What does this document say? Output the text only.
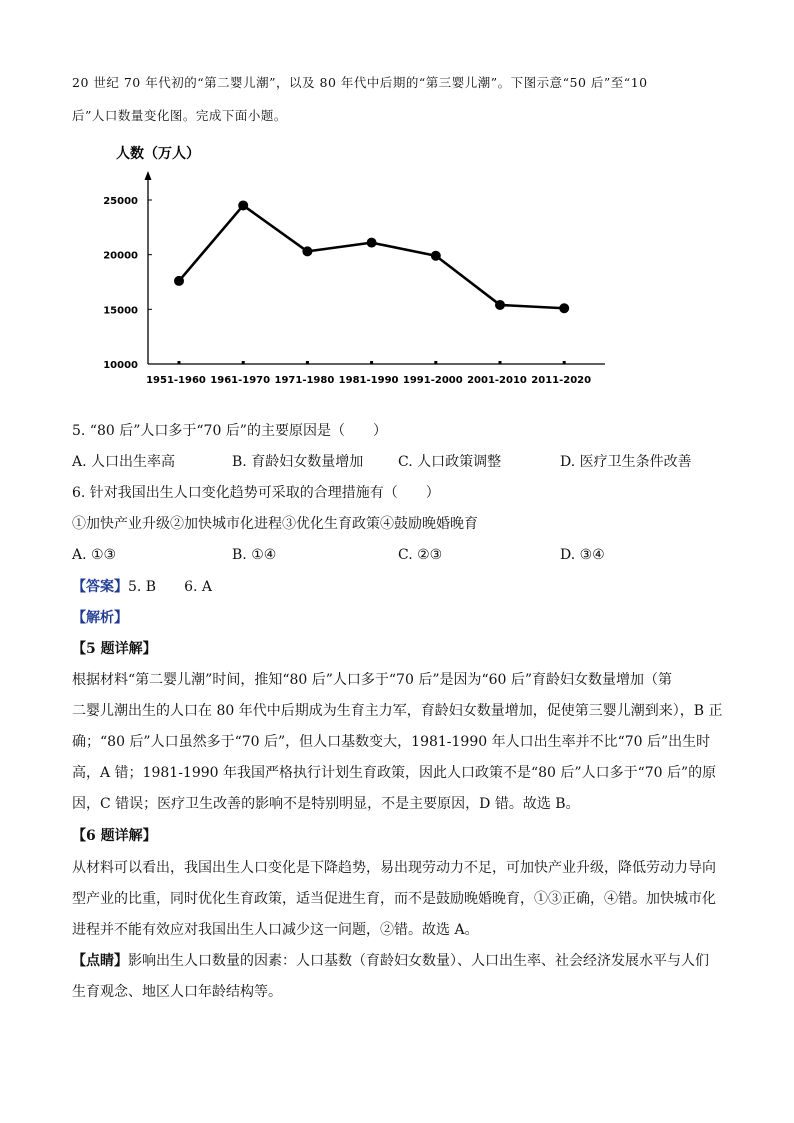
20 世纪 70 年代初的“第二婴儿潮”，以及 80 年代中后期的“第三婴儿潮”。下图示意“50 后”至“10
后”人口数量变化图。完成下面小题。
人数（万人）
25000
20000
15000
10000
1951-1960 1961-1970 1971-1980 1981-1990 1991-2000 2001-2010 2011-2020
5. “80 后”人口多于“70 后”的主要原因是（　　）
A. 人口出生率高	B. 育龄妇女数量增加 C. 人口政策调整	D. 医疗卫生条件改善
6. 针对我国出生人口变化趋势可采取的合理措施有（　　）
①加快产业升级②加快城市化进程③优化生育政策④鼓励晚婚晚育
A. ①③	B. ①④	C. ②③	D. ③④
【答案】5. B　　6. A
【解析】
【5 题详解】
根据材料“第二婴儿潮”时间，推知“80 后”人口多于“70 后”是因为“60 后”育龄妇女数量增加（第
二婴儿潮出生的人口在 80 年代中后期成为生育主力军，育龄妇女数量增加，促使第三婴儿潮到来），B 正
确；“80 后”人口虽然多于“70 后”，但人口基数变大，1981-1990 年人口出生率并不比“70 后”出生时
高，A 错；1981-1990 年我国严格执行计划生育政策，因此人口政策不是“80 后”人口多于“70 后”的原
因，C 错误；医疗卫生改善的影响不是特别明显，不是主要原因，D 错。故选 B。
【6 题详解】
从材料可以看出，我国出生人口变化是下降趋势，易出现劳动力不足，可加快产业升级，降低劳动力导向
型产业的比重，同时优化生育政策，适当促进生育，而不是鼓励晚婚晚育，①③正确，④错。加快城市化
进程并不能有效应对我国出生人口减少这一问题，②错。故选 A。
【点睛】影响出生人口数量的因素：人口基数（育龄妇女数量）、人口出生率、社会经济发展水平与人们
生育观念、地区人口年龄结构等。
